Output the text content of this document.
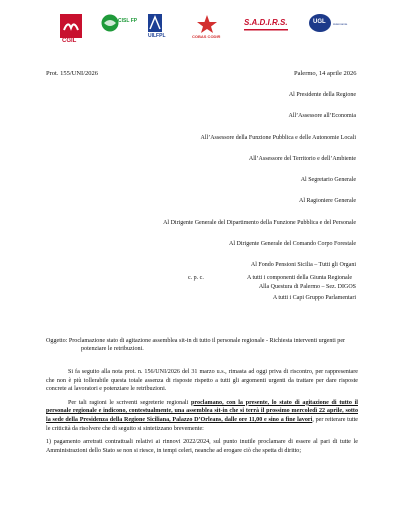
CGIL
CISL FP
UILFPL	COBAS CODIR
S.A.D.I.R.S.	UGL Autonomie
Prot. 155/UNI/2026	Palermo, 14 aprile 2026
Al Presidente della Regione
All’Assessore all’Economia
All’Assessore della Funzione Pubblica e delle Autonomie Locali
All’Assessore del Territorio e dell’Ambiente
Al Segretario Generale
Al Ragioniere Generale
Al Dirigente Generale del Dipartimento della Funzione Pubblica e del Personale
Al Dirigente Generale del Comando Corpo Forestale
Al Fondo Pensioni Sicilia – Tutti gli Organi
Alla Questura di Palermo – Sez. DIGOS
c. p. c.	A tutti i componenti della Giunta Regionale
A tutti i Capi Gruppo Parlamentari
Oggetto: Proclamazione stato di agitazione assemblea sit-in di tutto il personale regionale - Richiesta interventi urgenti per
potenziare le retribuzioni.

Si fa seguito alla nota prot. n. 156/UNI/2026 del 31 marzo u.s., rimasta ad oggi priva di riscontro, per rappresentare che non è più tollerabile questa totale assenza di risposte rispetto a tutti gli argomenti urgenti da trattare per dare risposte concrete ai lavoratori e potenziare le retribuzioni.

Per tali ragioni le scriventi segreterie regionali proclamano, con la presente, lo stato di agitazione di tutto il personale regionale e indicono, contestualmente, una assemblea sit-in che si terrà il prossimo mercoledì 22 aprile, sotto la sede della Presidenza della Regione Siciliana, Palazzo D’Orleans, dalle ore 11,00 e sino a fine lavori, per reiterare tutte le criticità da risolvere che di seguito si sintetizzano brevemente:

1) pagamento arretrati contrattuali relativi ai rinnovi 2022/2024, sul punto inutile proclamare di essere al pari di tutte le Amministrazioni dello Stato se non si riesce, in tempi celeri, neanche ad erogare ciò che spetta di diritto;
